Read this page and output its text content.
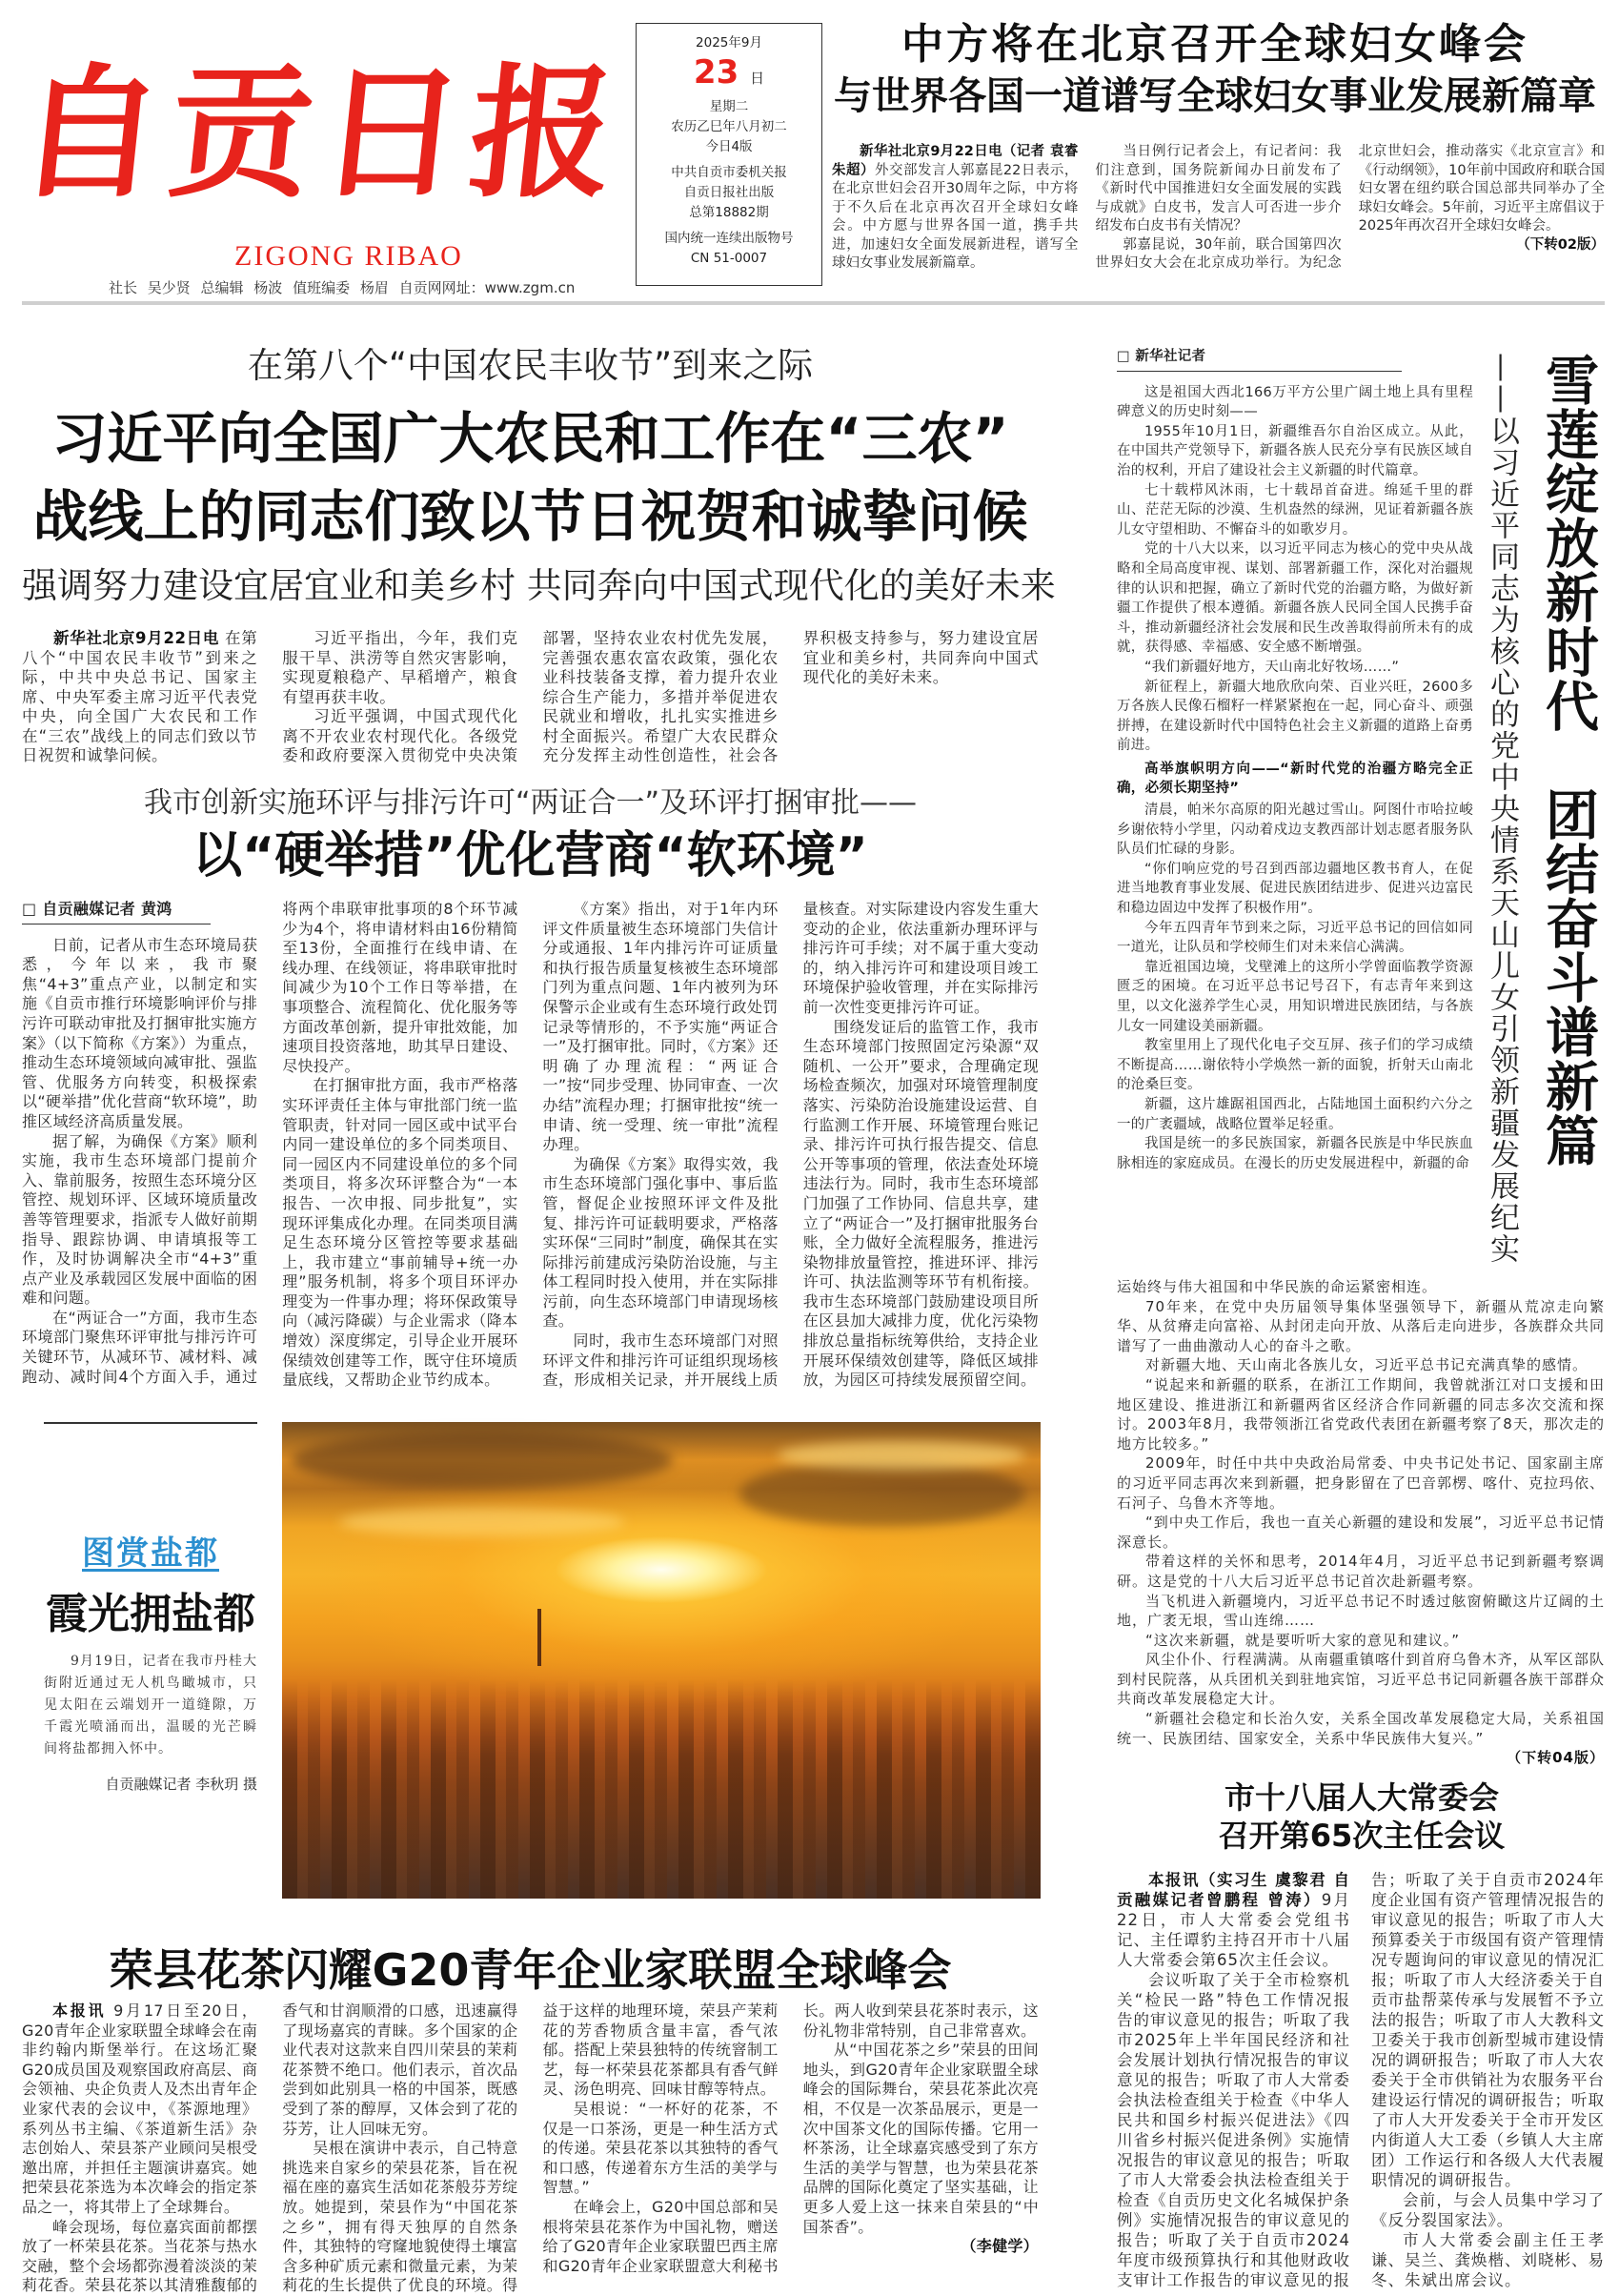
自贡日报
ZIGONG RIBAO
社长 吴少贤 总编辑 杨波 值班编委 杨眉 自贡网网址：www.zgm.cn
2025年9月
23 日
星期二
农历乙巳年八月初二
今日4版
中共自贡市委机关报
自贡日报社出版
总第18882期
国内统一连续出版物号
CN 51-0007
中方将在北京召开全球妇女峰会
与世界各国一道谱写全球妇女事业发展新篇章

新华社北京9月22日电（记者 袁睿 朱超）外交部发言人郭嘉昆22日表示，在北京世妇会召开30周年之际，中方将于不久后在北京再次召开全球妇女峰会。中方愿与世界各国一道，携手共进，加速妇女全面发展新进程，谱写全球妇女事业发展新篇章。

当日例行记者会上，有记者问：我们注意到，国务院新闻办日前发布了《新时代中国推进妇女全面发展的实践与成就》白皮书，发言人可否进一步介绍发布白皮书有关情况？

郭嘉昆说，30年前，联合国第四次世界妇女大会在北京成功举行。为纪念北京世妇会，推动落实《北京宣言》和《行动纲领》，10年前中国政府和联合国妇女署在纽约联合国总部共同举办了全球妇女峰会。5年前，习近平主席倡议于2025年再次召开全球妇女峰会。

（下转02版）

在第八个“中国农民丰收节”到来之际
习近平向全国广大农民和工作在“三农”
战线上的同志们致以节日祝贺和诚挚问候
强调努力建设宜居宜业和美乡村 共同奔向中国式现代化的美好未来

新华社北京9月22日电 在第八个“中国农民丰收节”到来之际，中共中央总书记、国家主席、中央军委主席习近平代表党中央，向全国广大农民和工作在“三农”战线上的同志们致以节日祝贺和诚挚问候。

习近平指出，今年，我们克服干旱、洪涝等自然灾害影响，实现夏粮稳产、早稻增产，粮食有望再获丰收。

习近平强调，中国式现代化离不开农业农村现代化。各级党委和政府要深入贯彻党中央决策部署，坚持农业农村优先发展，完善强农惠农富农政策，强化农业科技装备支撑，着力提升农业综合生产能力，多措并举促进农民就业和增收，扎扎实实推进乡村全面振兴。希望广大农民群众充分发挥主动性创造性，社会各界积极支持参与，努力建设宜居宜业和美乡村，共同奔向中国式现代化的美好未来。

我市创新实施环评与排污许可“两证合一”及环评打捆审批——
以“硬举措”优化营商“软环境”
□ 自贡融媒记者 黄鸿

日前，记者从市生态环境局获悉，今年以来，我市聚焦“4+3”重点产业，以制定和实施《自贡市推行环境影响评价与排污许可联动审批及打捆审批实施方案》（以下简称《方案》）为重点，推动生态环境领域向减审批、强监管、优服务方向转变，积极探索以“硬举措”优化营商“软环境”，助推区域经济高质量发展。

据了解，为确保《方案》顺利实施，我市生态环境部门提前介入、靠前服务，按照生态环境分区管控、规划环评、区域环境质量改善等管理要求，指派专人做好前期指导、跟踪协调、申请填报等工作，及时协调解决全市“4+3”重点产业及承载园区发展中面临的困难和问题。

在“两证合一”方面，我市生态环境部门聚焦环评审批与排污许可关键环节，从减环节、减材料、减跑动、减时间4个方面入手，通过将两个串联审批事项的8个环节减少为4个，将申请材料由16份精简至13份，全面推行在线申请、在线办理、在线领证，将串联审批时间减少为10个工作日等举措，在事项整合、流程简化、优化服务等方面改革创新，提升审批效能，加速项目投资落地，助其早日建设、尽快投产。

在打捆审批方面，我市严格落实环评责任主体与审批部门统一监管职责，针对同一园区或中试平台内同一建设单位的多个同类项目、同一园区内不同建设单位的多个同类项目，将多次环评整合为“一本报告、一次申报、同步批复”，实现环评集成化办理。在同类项目满足生态环境分区管控等要求基础上，我市建立“事前辅导+统一办理”服务机制，将多个项目环评办理变为一件事办理；将环保政策导向（减污降碳）与企业需求（降本增效）深度绑定，引导企业开展环保绩效创建等工作，既守住环境质量底线，又帮助企业节约成本。

《方案》指出，对于1年内环评文件质量被生态环境部门失信计分或通报、1年内排污许可证质量和执行报告质量复核被生态环境部门列为重点问题、1年内被列为环保警示企业或有生态环境行政处罚记录等情形的，不予实施“两证合一”及打捆审批。同时，《方案》还明确了办理流程：“两证合一”按“同步受理、协同审查、一次办结”流程办理；打捆审批按“统一申请、统一受理、统一审批”流程办理。

为确保《方案》取得实效，我市生态环境部门强化事中、事后监管，督促企业按照环评文件及批复、排污许可证载明要求，严格落实环保“三同时”制度，确保其在实际排污前建成污染防治设施，与主体工程同时投入使用，并在实际排污前，向生态环境部门申请现场核查。

同时，我市生态环境部门对照环评文件和排污许可证组织现场核查，形成相关记录，并开展线上质量核查。对实际建设内容发生重大变动的企业，依法重新办理环评与排污许可手续；对不属于重大变动的，纳入排污许可和建设项目竣工环境保护验收管理，并在实际排污前一次性变更排污许可证。

围绕发证后的监管工作，我市生态环境部门按照固定污染源“双随机、一公开”要求，合理确定现场检查频次，加强对环境管理制度落实、污染防治设施建设运营、自行监测工作开展、环境管理台账记录、排污许可执行报告提交、信息公开等事项的管理，依法查处环境违法行为。同时，我市生态环境部门加强了工作协同、信息共享，建立了“两证合一”及打捆审批服务台账，全力做好全流程服务，推进污染物排放量管控，推进环评、排污许可、执法监测等环节有机衔接。我市生态环境部门鼓励建设项目所在区县加大减排力度，优化污染物排放总量指标统筹供给，支持企业开展环保绩效创建等，降低区域排放，为园区可持续发展预留空间。

图赏盐都
霞光拥盐都
9月19日，记者在我市丹桂大街附近通过无人机鸟瞰城市，只见太阳在云端划开一道缝隙，万千霞光喷涌而出，温暖的光芒瞬间将盐都拥入怀中。
自贡融媒记者 李秋玥 摄
荣县花茶闪耀G20青年企业家联盟全球峰会

本报讯 9月17日至20日，G20青年企业家联盟全球峰会在南非约翰内斯堡举行。在这场汇聚G20成员国及观察国政府高层、商会领袖、央企负责人及杰出青年企业家代表的会议中，《茶源地理》系列丛书主编、《茶道新生活》杂志创始人、荣县茶产业顾问吴根受邀出席，并担任主题演讲嘉宾。她把荣县花茶选为本次峰会的指定茶品之一，将其带上了全球舞台。

峰会现场，每位嘉宾面前都摆放了一杯荣县花茶。当花茶与热水交融，整个会场都弥漫着淡淡的茉莉花香。荣县花茶以其清雅馥郁的香气和甘润顺滑的口感，迅速赢得了现场嘉宾的青睐。多个国家的企业代表对这款来自四川荣县的茉莉花茶赞不绝口。他们表示，首次品尝到如此别具一格的中国茶，既感受到了茶的醇厚，又体会到了花的芬芳，让人回味无穷。

吴根在演讲中表示，自己特意挑选来自家乡的荣县花茶，旨在祝福在座的嘉宾生活如花茶般芬芳绽放。她提到，荣县作为“中国花茶之乡”，拥有得天独厚的自然条件，其独特的穹窿地貌使得土壤富含多种矿质元素和微量元素，为茉莉花的生长提供了优良的环境。得益于这样的地理环境，荣县产茉莉花的芳香物质含量丰富，香气浓郁。搭配上荣县独特的传统窨制工艺，每一杯荣县花茶都具有香气鲜灵、汤色明亮、回味甘醇等特点。

吴根说：“一杯好的花茶，不仅是一口茶汤，更是一种生活方式的传递。荣县花茶以其独特的香气和口感，传递着东方生活的美学与智慧。”

在峰会上，G20中国总部和吴根将荣县花茶作为中国礼物，赠送给了G20青年企业家联盟巴西主席和G20青年企业家联盟意大利秘书长。两人收到荣县花茶时表示，这份礼物非常特别，自己非常喜欢。

从“中国花茶之乡”荣县的田间地头，到G20青年企业家联盟全球峰会的国际舞台，荣县花茶此次亮相，不仅是一次茶品展示，更是一次中国茶文化的国际传播。它用一杯茶汤，让全球嘉宾感受到了东方生活的美学与智慧，也为荣县花茶品牌的国际化奠定了坚实基础，让更多人爱上这一抹来自荣县的“中国茶香”。

（李健学）

□ 新华社记者

这是祖国大西北166万平方公里广阔土地上具有里程碑意义的历史时刻——

1955年10月1日，新疆维吾尔自治区成立。从此，在中国共产党领导下，新疆各族人民充分享有民族区域自治的权利，开启了建设社会主义新疆的时代篇章。

七十载栉风沐雨，七十载昂首奋进。绵延千里的群山、茫茫无际的沙漠、生机盎然的绿洲，见证着新疆各族儿女守望相助、不懈奋斗的如歌岁月。

党的十八大以来，以习近平同志为核心的党中央从战略和全局高度审视、谋划、部署新疆工作，深化对治疆规律的认识和把握，确立了新时代党的治疆方略，为做好新疆工作提供了根本遵循。新疆各族人民同全国人民携手奋斗，推动新疆经济社会发展和民生改善取得前所未有的成就，获得感、幸福感、安全感不断增强。

“我们新疆好地方，天山南北好牧场……”

新征程上，新疆大地欣欣向荣、百业兴旺，2600多万各族人民像石榴籽一样紧紧抱在一起，同心奋斗、顽强拼搏，在建设新时代中国特色社会主义新疆的道路上奋勇前进。

高举旗帜明方向——“新时代党的治疆方略完全正确，必须长期坚持”

清晨，帕米尔高原的阳光越过雪山。阿图什市哈拉峻乡谢依特小学里，闪动着戍边支教西部计划志愿者服务队队员们忙碌的身影。

“你们响应党的号召到西部边疆地区教书育人，在促进当地教育事业发展、促进民族团结进步、促进兴边富民和稳边固边中发挥了积极作用”。

今年五四青年节到来之际，习近平总书记的回信如同一道光，让队员和学校师生们对未来信心满满。

靠近祖国边境，戈壁滩上的这所小学曾面临教学资源匮乏的困境。在习近平总书记号召下，有志青年来到这里，以文化滋养学生心灵，用知识增进民族团结，与各族儿女一同建设美丽新疆。

教室里用上了现代化电子交互屏、孩子们的学习成绩不断提高……谢依特小学焕然一新的面貌，折射天山南北的沧桑巨变。

新疆，这片雄踞祖国西北，占陆地国土面积约六分之一的广袤疆域，战略位置举足轻重。

我国是统一的多民族国家，新疆各民族是中华民族血脉相连的家庭成员。在漫长的历史发展进程中，新疆的命 ——以习近平同志为核心的党中央情系天山儿女引领新疆发展纪实 雪莲绽放新时代　团结奋斗谱新篇

运始终与伟大祖国和中华民族的命运紧密相连。

70年来，在党中央历届领导集体坚强领导下，新疆从荒凉走向繁华、从贫瘠走向富裕、从封闭走向开放、从落后走向进步，各族群众共同谱写了一曲曲激动人心的奋斗之歌。

对新疆大地、天山南北各族儿女，习近平总书记充满真挚的感情。

“说起来和新疆的联系，在浙江工作期间，我曾就浙江对口支援和田地区建设、推进浙江和新疆两省区经济合作同新疆的同志多次交流和探讨。2003年8月，我带领浙江省党政代表团在新疆考察了8天，那次走的地方比较多。”

2009年，时任中共中央政治局常委、中央书记处书记、国家副主席的习近平同志再次来到新疆，把身影留在了巴音郭楞、喀什、克拉玛依、石河子、乌鲁木齐等地。

“到中央工作后，我也一直关心新疆的建设和发展”，习近平总书记情深意长。

带着这样的关怀和思考，2014年4月，习近平总书记到新疆考察调研。这是党的十八大后习近平总书记首次赴新疆考察。

当飞机进入新疆境内，习近平总书记不时透过舷窗俯瞰这片辽阔的土地，广袤无垠，雪山连绵……

“这次来新疆，就是要听听大家的意见和建议。”

风尘仆仆、行程满满。从南疆重镇喀什到首府乌鲁木齐，从军区部队到村民院落，从兵团机关到驻地宾馆，习近平总书记同新疆各族干部群众共商改革发展稳定大计。

“新疆社会稳定和长治久安，关系全国改革发展稳定大局，关系祖国统一、民族团结、国家安全，关系中华民族伟大复兴。”

（下转04版）

市十八届人大常委会
召开第65次主任会议

本报讯（实习生 虞黎君 自贡融媒记者曾鹏程 曾涛）9月22日，市人大常委会党组书记、主任谭豹主持召开市十八届人大常委会第65次主任会议。

会议听取了关于全市检察机关“检民一路”特色工作情况报告的审议意见的报告；听取了我市2025年上半年国民经济和社会发展计划执行情况报告的审议意见的报告；听取了市人大常委会执法检查组关于检查《中华人民共和国乡村振兴促进法》《四川省乡村振兴促进条例》实施情况报告的审议意见的报告；听取了市人大常委会执法检查组关于检查《自贡历史文化名城保护条例》实施情况报告的审议意见的报告；听取了关于自贡市2024年度市级预算执行和其他财政收支审计工作报告的审议意见的报告；听取了关于自贡市2024年度企业国有资产管理情况报告的审议意见的报告；听取了市人大预算委关于市级国有资产管理情况专题询问的审议意见的情况汇报；听取了市人大经济委关于自贡市盐帮菜传承与发展暂不予立法的报告；听取了市人大教科文卫委关于我市创新型城市建设情况的调研报告；听取了市人大农委关于全市供销社为农服务平台建设运行情况的调研报告；听取了市人大开发委关于全市开发区内街道人大工委（乡镇人大主席团）工作运行和各级人大代表履职情况的调研报告。

会前，与会人员集中学习了《反分裂国家法》。

市人大常委会副主任王孝谦、吴兰、龚焕楷、刘晓彬、易冬、朱斌出席会议。
